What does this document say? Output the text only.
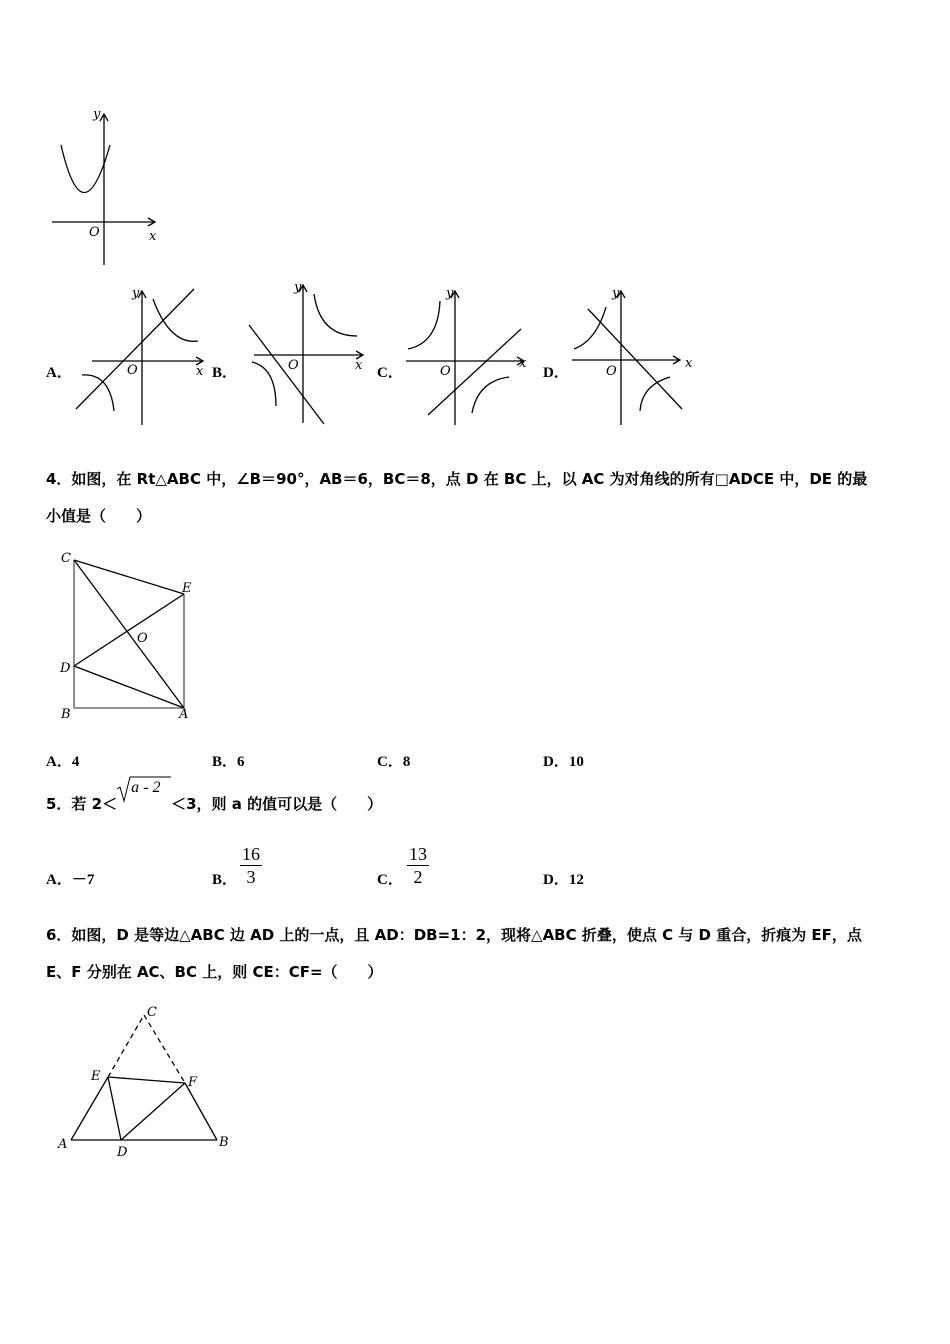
y
x
O
A．
y
x
O	B．
y
x
O	C．
y
x
O	D．
y
x
O
4．如图，在 Rt△ABC 中，∠B＝90°，AB＝6，BC＝8，点 D 在 BC 上，以 AC 为对角线的所有□ADCE 中，DE 的最
小值是（　　）
C
E
O
D
B	A
A．4	B．6	C．8	D．10
5．若 2＜
a - 2
＜3，则 a 的值可以是（　　）
A．－7	B． $\frac{16}{3}$	C． $\frac{13}{2}$	D．12
6．如图，D 是等边△ABC 边 AD 上的一点，且 AD：DB=1：2，现将△ABC 折叠，使点 C 与 D 重合，折痕为 EF，点
E、F 分别在 AC、BC 上，则 CE：CF=（　　）
C
E	F
A
D
B
